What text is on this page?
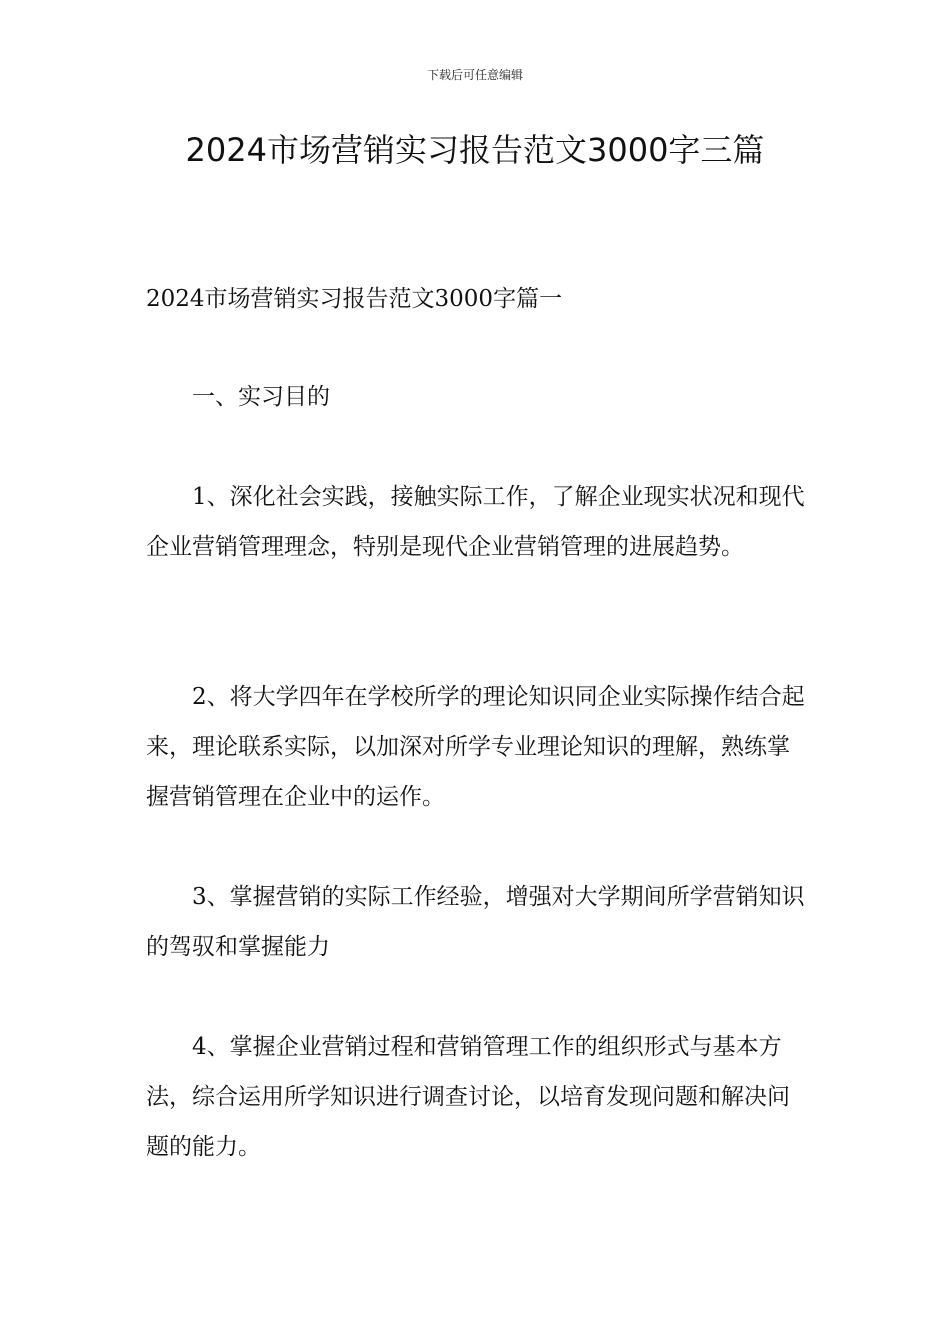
下载后可任意编辑
2024市场营销实习报告范文3000字三篇

2024市场营销实习报告范文3000字篇一

一、实习目的

1、深化社会实践，接触实际工作，了解企业现实状况和现代企业营销管理理念，特别是现代企业营销管理的进展趋势。

2、将大学四年在学校所学的理论知识同企业实际操作结合起来，理论联系实际，以加深对所学专业理论知识的理解，熟练掌握营销管理在企业中的运作。

3、掌握营销的实际工作经验，增强对大学期间所学营销知识的驾驭和掌握能力

4、掌握企业营销过程和营销管理工作的组织形式与基本方法，综合运用所学知识进行调查讨论，以培育发现问题和解决问题的能力。
